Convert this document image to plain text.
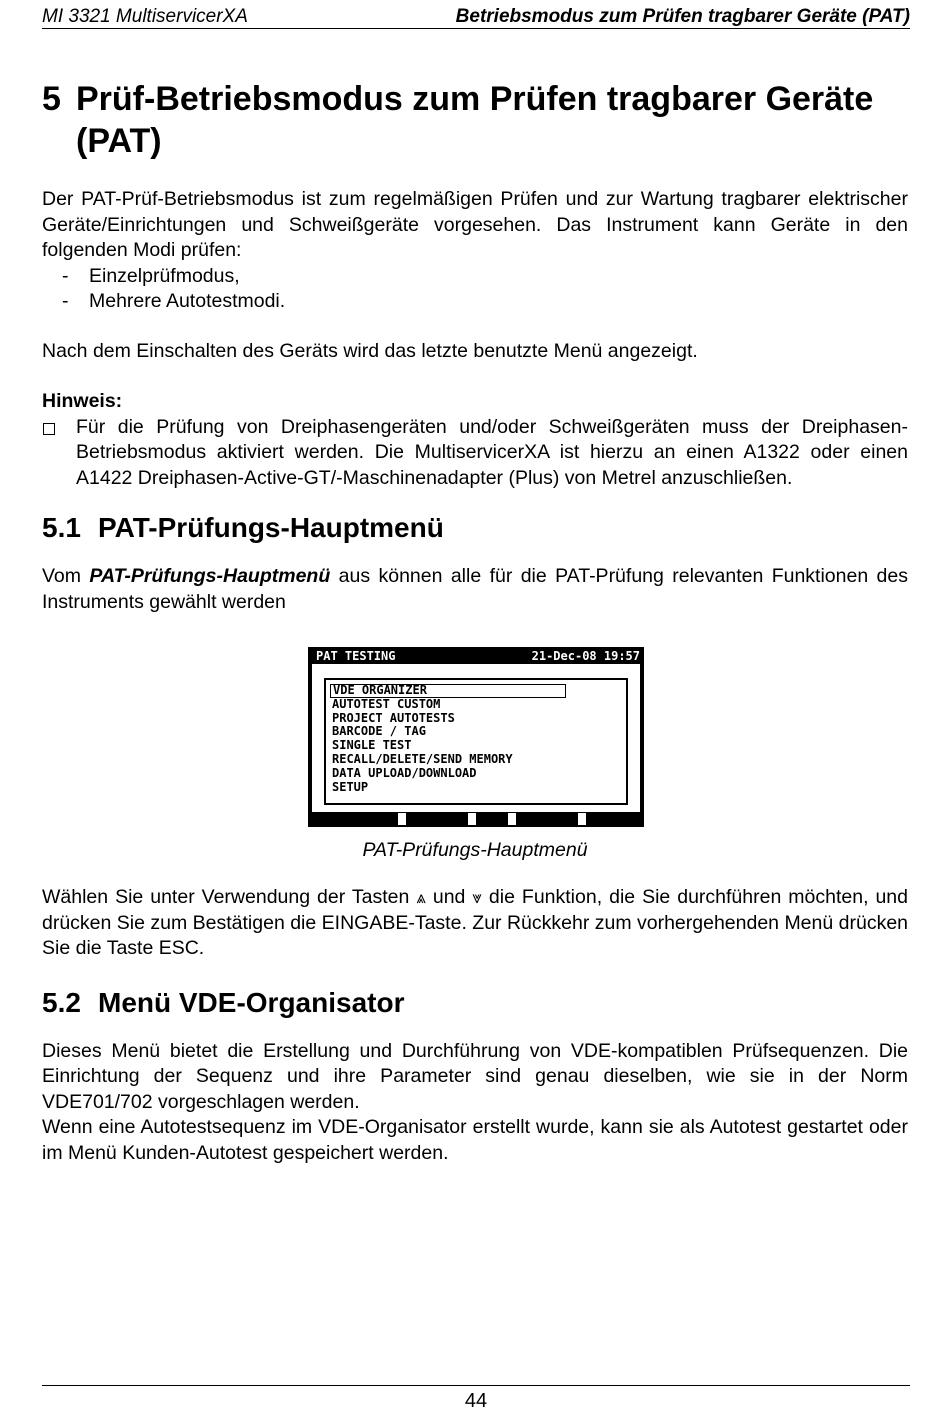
MI 3321 MultiservicerXA	Betriebsmodus zum Prüfen tragbarer Geräte (PAT)
5 Prüf-Betriebsmodus zum Prüfen tragbarer Geräte (PAT)

Der PAT-Prüf-Betriebsmodus ist zum regelmäßigen Prüfen und zur Wartung tragbarer elektrischer Geräte/Einrichtungen und Schweißgeräte vorgesehen. Das Instrument kann Geräte in den folgenden Modi prüfen:

-	Einzelprüfmodus,
-	Mehrere Autotestmodi.

Nach dem Einschalten des Geräts wird das letzte benutzte Menü angezeigt.

Hinweis:
Für die Prüfung von Dreiphasengeräten und/oder Schweißgeräten muss der Dreiphasen-Betriebsmodus aktiviert werden. Die MultiservicerXA ist hierzu an einen A1322 oder einen A1422 Dreiphasen-Active-GT/-Maschinenadapter (Plus) von Metrel anzuschließen.
5.1 PAT-Prüfungs-Hauptmenü

Vom PAT-Prüfungs-Hauptmenü aus können alle für die PAT-Prüfung relevanten Funktionen des Instruments gewählt werden

PAT TESTING	21-Dec-08 19:57
VDE ORGANIZER
AUTOTEST CUSTOM
PROJECT AUTOTESTS
BARCODE / TAG
SINGLE TEST
RECALL/DELETE/SEND MEMORY
DATA UPLOAD/DOWNLOAD
SETUP
PAT-Prüfungs-Hauptmenü

Wählen Sie unter Verwendung der Tasten ⩓ und ⩔ die Funktion, die Sie durchführen möchten, und drücken Sie zum Bestätigen die EINGABE-Taste. Zur Rückkehr zum vorhergehenden Menü drücken Sie die Taste ESC.

5.2 Menü VDE-Organisator

Dieses Menü bietet die Erstellung und Durchführung von VDE-kompatiblen Prüfsequenzen. Die Einrichtung der Sequenz und ihre Parameter sind genau dieselben, wie sie in der Norm VDE701/702 vorgeschlagen werden.

Wenn eine Autotestsequenz im VDE-Organisator erstellt wurde, kann sie als Autotest gestartet oder im Menü Kunden-Autotest gespeichert werden.

44
